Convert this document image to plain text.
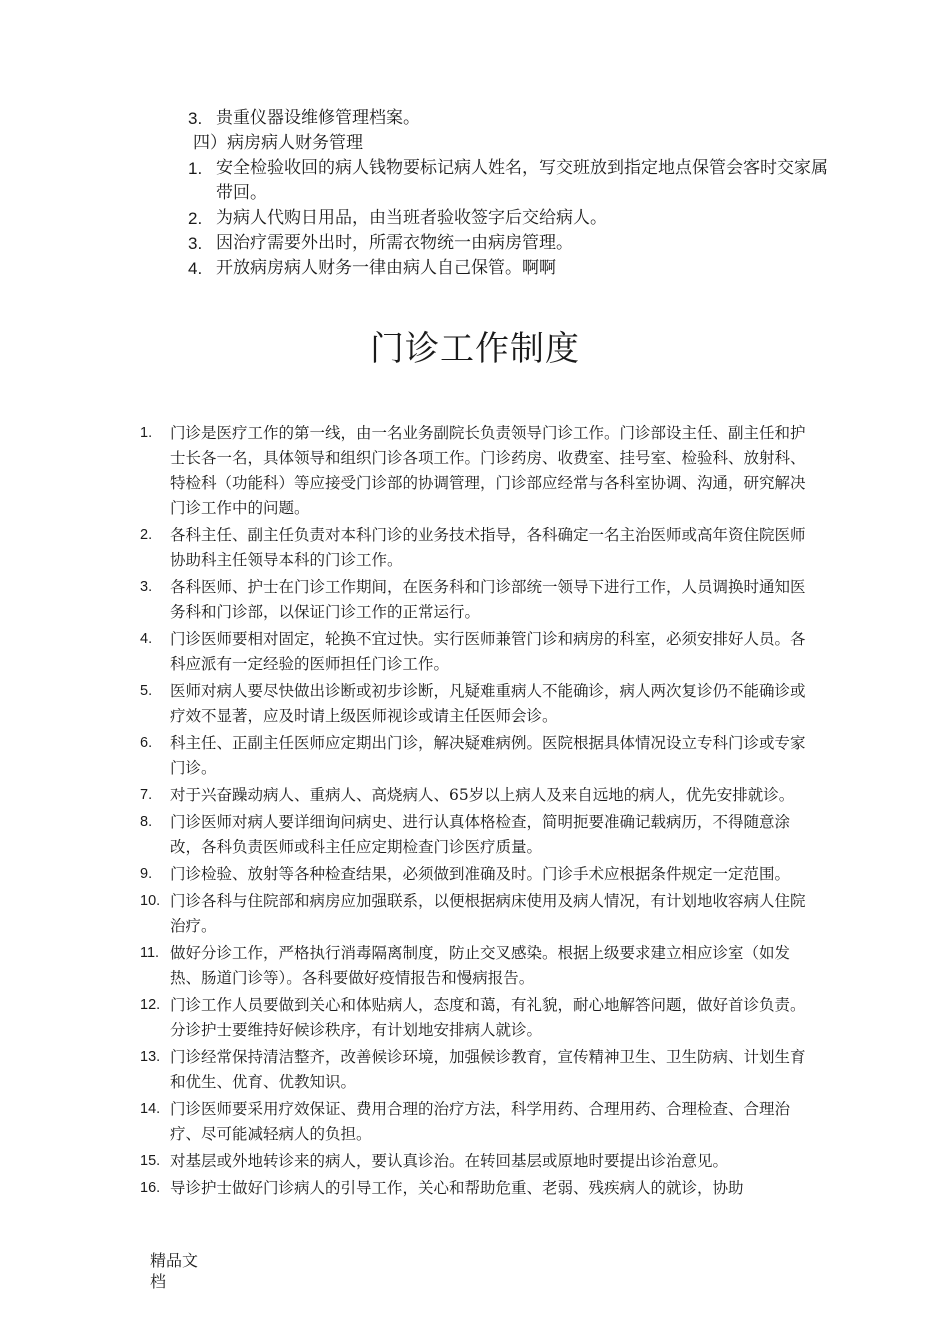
3. 贵重仪器设维修管理档案。
四）病房病人财务管理
1. 安全检验收回的病人钱物要标记病人姓名，写交班放到指定地点保管会客时交家属带回。
2. 为病人代购日用品，由当班者验收签字后交给病人。
3. 因治疗需要外出时，所需衣物统一由病房管理。
4. 开放病房病人财务一律由病人自己保管。啊啊
门诊工作制度
1. 门诊是医疗工作的第一线，由一名业务副院长负责领导门诊工作。门诊部设主任、副主任和护士长各一名，具体领导和组织门诊各项工作。门诊药房、收费室、挂号室、检验科、放射科、特检科（功能科）等应接受门诊部的协调管理，门诊部应经常与各科室协调、沟通，研究解决门诊工作中的问题。
2. 各科主任、副主任负责对本科门诊的业务技术指导，各科确定一名主治医师或高年资住院医师协助科主任领导本科的门诊工作。
3. 各科医师、护士在门诊工作期间，在医务科和门诊部统一领导下进行工作，人员调换时通知医务科和门诊部，以保证门诊工作的正常运行。
4. 门诊医师要相对固定，轮换不宜过快。实行医师兼管门诊和病房的科室，必须安排好人员。各科应派有一定经验的医师担任门诊工作。
5. 医师对病人要尽快做出诊断或初步诊断，凡疑难重病人不能确诊，病人两次复诊仍不能确诊或疗效不显著，应及时请上级医师视诊或请主任医师会诊。
6. 科主任、正副主任医师应定期出门诊，解决疑难病例。医院根据具体情况设立专科门诊或专家门诊。
7. 对于兴奋躁动病人、重病人、高烧病人、65岁以上病人及来自远地的病人，优先安排就诊。
8. 门诊医师对病人要详细询问病史、进行认真体格检查，简明扼要准确记载病历，不得随意涂改，各科负责医师或科主任应定期检查门诊医疗质量。
9. 门诊检验、放射等各种检查结果，必须做到准确及时。门诊手术应根据条件规定一定范围。
10. 门诊各科与住院部和病房应加强联系，以便根据病床使用及病人情况，有计划地收容病人住院治疗。
11. 做好分诊工作，严格执行消毒隔离制度，防止交叉感染。根据上级要求建立相应诊室（如发热、肠道门诊等）。各科要做好疫情报告和慢病报告。
12. 门诊工作人员要做到关心和体贴病人，态度和蔼，有礼貌，耐心地解答问题，做好首诊负责。分诊护士要维持好候诊秩序，有计划地安排病人就诊。
13. 门诊经常保持清洁整齐，改善候诊环境，加强候诊教育，宣传精神卫生、卫生防病、计划生育和优生、优育、优教知识。
14. 门诊医师要采用疗效保证、费用合理的治疗方法，科学用药、合理用药、合理检查、合理治疗、尽可能减轻病人的负担。
15. 对基层或外地转诊来的病人，要认真诊治。在转回基层或原地时要提出诊治意见。
16. 导诊护士做好门诊病人的引导工作，关心和帮助危重、老弱、残疾病人的就诊，协助
精品文档
